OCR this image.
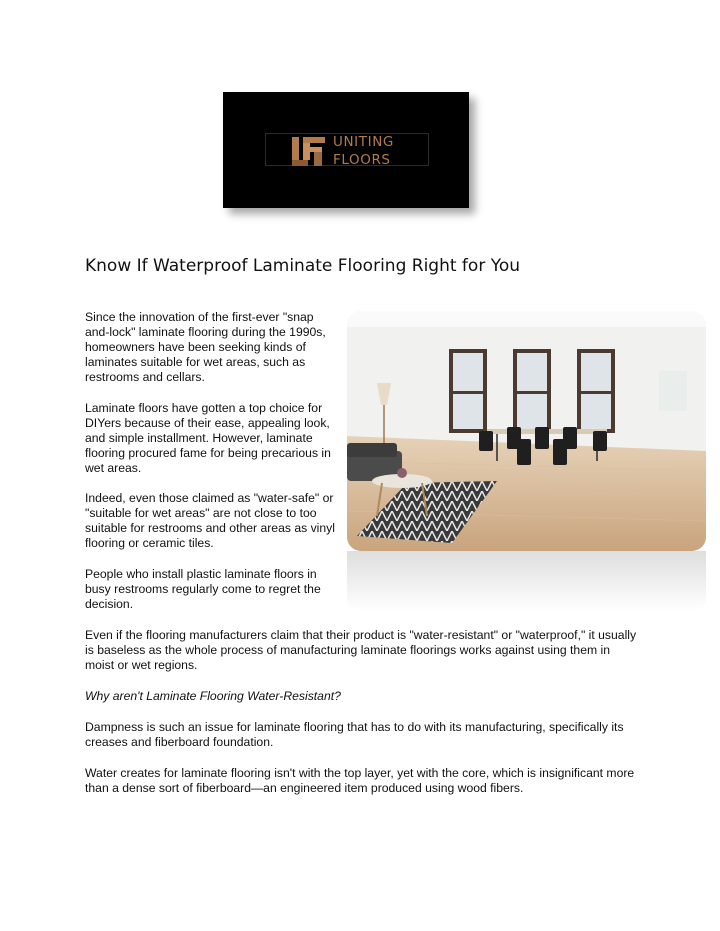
UNITING
FLOORS
Know If Waterproof Laminate Flooring Right for You

Since the innovation of the first-ever "snap and-lock" laminate flooring during the 1990s, homeowners have been seeking kinds of laminates suitable for wet areas, such as restrooms and cellars.

Laminate floors have gotten a top choice for DIYers because of their ease, appealing look, and simple installment. However, laminate flooring procured fame for being precarious in wet areas.

Indeed, even those claimed as "water-safe" or "suitable for wet areas" are not close to too suitable for restrooms and other areas as vinyl flooring or ceramic tiles.

People who install plastic laminate floors in busy restrooms regularly come to regret the decision.

Even if the flooring manufacturers claim that their product is "water-resistant" or "waterproof," it usually is baseless as the whole process of manufacturing laminate floorings works against using them in moist or wet regions.

Why aren't Laminate Flooring Water-Resistant?

Dampness is such an issue for laminate flooring that has to do with its manufacturing, specifically its creases and fiberboard foundation.

Water creates for laminate flooring isn't with the top layer, yet with the core, which is insignificant more than a dense sort of fiberboard—an engineered item produced using wood fibers.
